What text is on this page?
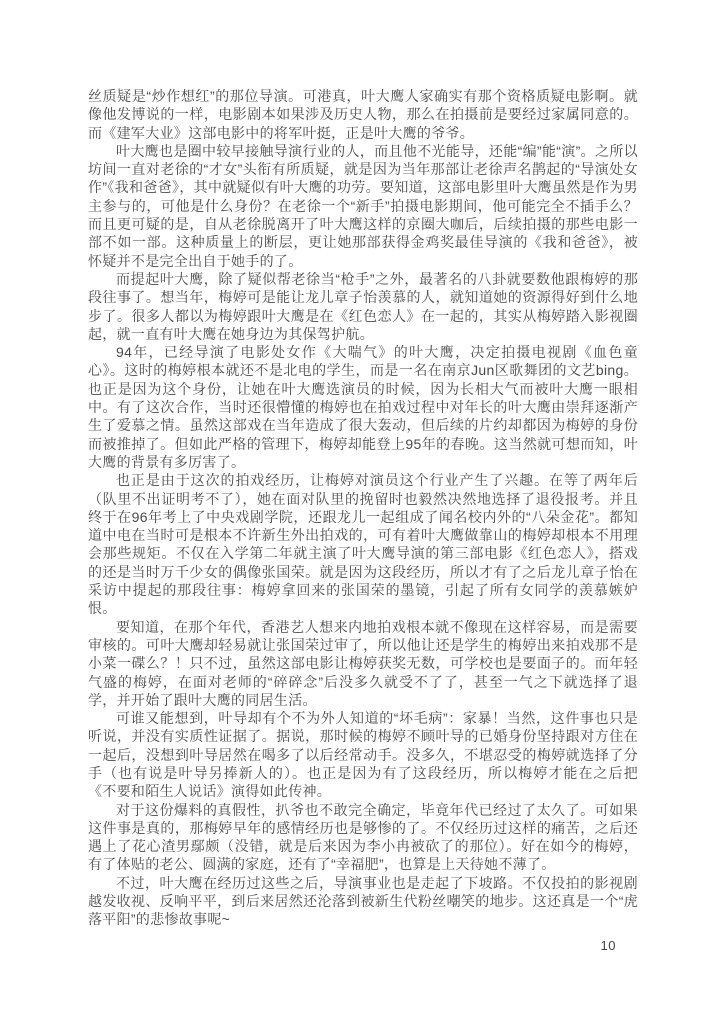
丝质疑是“炒作想红”的那位导演。可港真，叶大鹰人家确实有那个资格质疑电影啊。就像他发博说的一样，电影剧本如果涉及历史人物，那么在拍摄前是要经过家属同意的。而《建军大业》这部电影中的将军叶挺，正是叶大鹰的爷爷。

叶大鹰也是圈中较早接触导演行业的人，而且他不光能导，还能“编”能“演”。之所以坊间一直对老徐的“才女”头衔有所质疑，就是因为当年那部让老徐声名鹊起的“导演处女作”《我和爸爸》，其中就疑似有叶大鹰的功劳。要知道，这部电影里叶大鹰虽然是作为男主参与的，可他是什么身份？在老徐一个“新手”拍摄电影期间，他可能完全不插手么？而且更可疑的是，自从老徐脱离开了叶大鹰这样的京圈大咖后，后续拍摄的那些电影一部不如一部。这种质量上的断层，更让她那部获得金鸡奖最佳导演的《我和爸爸》，被怀疑并不是完全出自于她手的了。

而提起叶大鹰，除了疑似帮老徐当“枪手”之外，最著名的八卦就要数他跟梅婷的那段往事了。想当年，梅婷可是能让龙儿章子怡羡慕的人，就知道她的资源得好到什么地步了。很多人都以为梅婷跟叶大鹰是在《红色恋人》在一起的，其实从梅婷踏入影视圈起，就一直有叶大鹰在她身边为其保驾护航。

94年，已经导演了电影处女作《大喘气》的叶大鹰，决定拍摄电视剧《血色童心》。这时的梅婷根本就还不是北电的学生，而是一名在南京Jun区歌舞团的文艺bing。也正是因为这个身份，让她在叶大鹰选演员的时候，因为长相大气而被叶大鹰一眼相中。有了这次合作，当时还很懵懂的梅婷也在拍戏过程中对年长的叶大鹰由崇拜逐渐产生了爱慕之情。虽然这部戏在当年造成了很大轰动，但后续的片约却都因为梅婷的身份而被推掉了。但如此严格的管理下，梅婷却能登上95年的春晚。这当然就可想而知，叶大鹰的背景有多厉害了。

也正是由于这次的拍戏经历，让梅婷对演员这个行业产生了兴趣。在等了两年后（队里不出证明考不了），她在面对队里的挽留时也毅然决然地选择了退役报考。并且终于在96年考上了中央戏剧学院，还跟龙儿一起组成了闻名校内外的“八朵金花”。都知道中电在当时可是根本不许新生外出拍戏的，可有着叶大鹰做靠山的梅婷却根本不用理会那些规矩。不仅在入学第二年就主演了叶大鹰导演的第三部电影《红色恋人》，搭戏的还是当时万千少女的偶像张国荣。就是因为这段经历，所以才有了之后龙儿章子怡在采访中提起的那段往事：梅婷拿回来的张国荣的墨镜，引起了所有女同学的羡慕嫉妒恨。

要知道，在那个年代，香港艺人想来内地拍戏根本就不像现在这样容易，而是需要审核的。可叶大鹰却轻易就让张国荣过审了，所以他让还是学生的梅婷出来拍戏那不是小菜一碟么？！只不过，虽然这部电影让梅婷获奖无数，可学校也是要面子的。而年轻气盛的梅婷，在面对老师的“碎碎念”后没多久就受不了了，甚至一气之下就选择了退学，并开始了跟叶大鹰的同居生活。

可谁又能想到，叶导却有个不为外人知道的“坏毛病”：家暴！当然，这件事也只是听说，并没有实质性证据了。据说，那时候的梅婷不顾叶导的已婚身份坚持跟对方住在一起后，没想到叶导居然在喝多了以后经常动手。没多久，不堪忍受的梅婷就选择了分手（也有说是叶导另捧新人的）。也正是因为有了这段经历，所以梅婷才能在之后把《不要和陌生人说话》演得如此传神。

对于这份爆料的真假性，扒爷也不敢完全确定，毕竟年代已经过了太久了。可如果这件事是真的，那梅婷早年的感情经历也是够惨的了。不仅经历过这样的痛苦，之后还遇上了花心渣男鄢颇（没错，就是后来因为李小冉被砍了的那位）。好在如今的梅婷，有了体贴的老公、圆满的家庭，还有了“幸福肥”，也算是上天待她不薄了。

不过，叶大鹰在经历过这些之后，导演事业也是走起了下坡路。不仅投拍的影视剧越发收视、反响平平，到后来居然还沦落到被新生代粉丝嘲笑的地步。这还真是一个“虎落平阳”的悲惨故事呢~

10
